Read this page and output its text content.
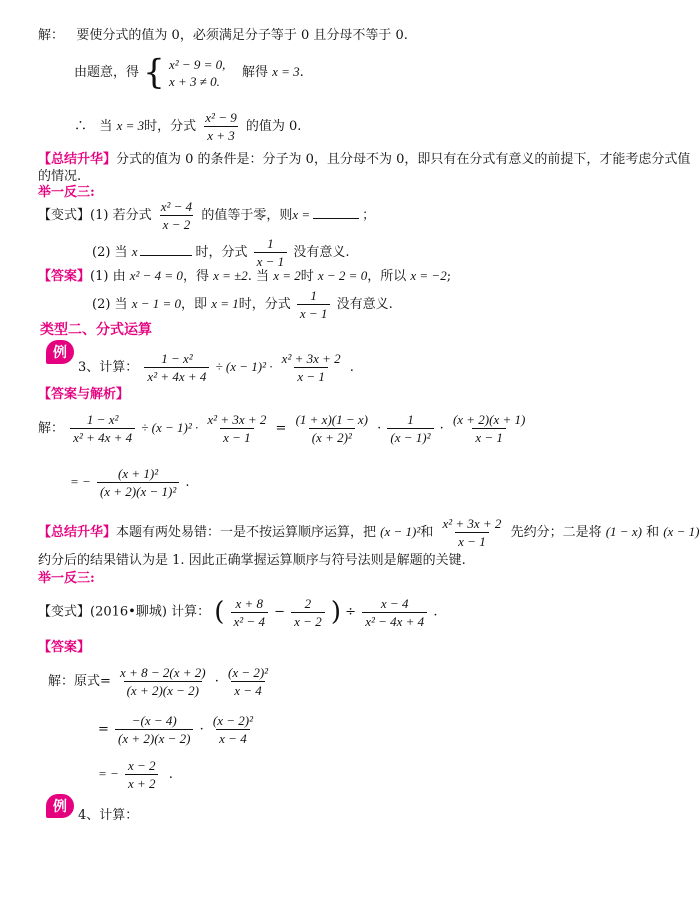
解： 要使分式的值为 0，必须满足分子等于 0 且分母不等于 0.
由题意，得 { x² − 9 = 0,
x + 3 ≠ 0.
解得 x = 3.
∴ 当 x = 3时，分式 $\frac{\text{x² − 9}}{x + 3}$ 的值为 0.
【总结升华】分式的值为 0 的条件是：分子为 0，且分母不为 0，即只有在分式有意义的前提下，才能考虑分式值
的情况.
举一反三:
【变式】(1) 若分式 $\frac{\text{x² − 4}}{x - 2}$ 的值等于零，则x =	；
(2) 当 x	时，分式 $\frac{1}{x - 1}$ 没有意义.
【答案】(1) 由 x² − 4 = 0，得 x = ±2. 当 x = 2时 x − 2 = 0，所以 x = −2;
(2) 当 x − 1 = 0，即 x = 1时，分式 $\frac{1}{x - 1}$ 没有意义.
类型二、分式运算
例
3、计算： $\frac{\text{1 − x²}}{\text{x² + 4x + 4}} \div (x - 1)^2 \cdot \frac{\text{x² + 3x + 2}}{x - 1}$ .
【答案与解析】
解： $\frac{\text{1 − x²}}{\text{x² + 4x + 4}} \div (x - 1)^2 \cdot \frac{\text{x² + 3x + 2}}{x - 1} = \frac{(1 + x)(1 - x)}{\text{(x + 2)²}} \cdot \frac{1}{\text{(x − 1)²}} \cdot \frac{(x + 2)(x + 1)}{x - 1}$
= − $\frac{\text{(x + 1)²}}{\text{(x + 2)(x − 1)²}}$ .
【总结升华】本题有两处易错：一是不按运算顺序运算，把 (x − 1)²和 $\frac{\text{x² + 3x + 2}}{x - 1}$ 先约分；二是将 (1 − x) 和 (x − 1)
约分后的结果错认为是 1. 因此正确掌握运算顺序与符号法则是解题的关键.
举一反三:
【变式】(2016•聊城) 计算： ( $\frac{x + 8}{\text{x² − 4}} - \frac{2}{x - 2}$ ) ÷ $\frac{x - 4}{\text{x² − 4x + 4}}$ .
【答案】
解：原式= $\frac{x + 8 - 2(x + 2)}{(x + 2)(x - 2)} \cdot \frac{\text{(x − 2)²}}{x - 4}$
= $\frac{-(x - 4)}{(x + 2)(x - 2)} \cdot \frac{\text{(x − 2)²}}{x - 4}$
= − $\frac{x - 2}{x + 2}$ .
例
4、计算：
